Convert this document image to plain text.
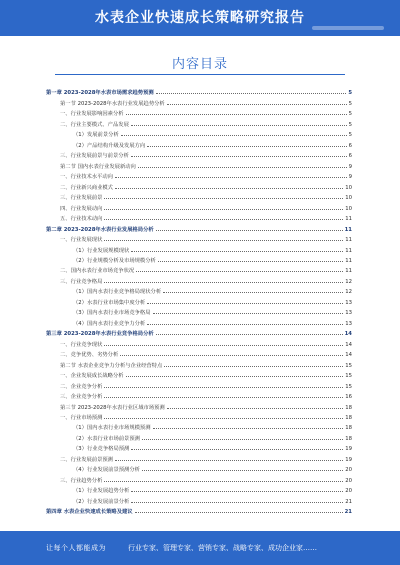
水表企业快速成长策略研究报告
内容目录
第一章 2023-2028年水表市场需求趋势预测	5
第一节 2023-2028年水表行业发展趋势分析	5
一、行业发展影响因素分析	5
二、行业主要模式、产品发展	5
（1）发展前景分析	5
（2）产品结构升级及发展方向	6
三、行业发展前景与前景分析	6
第二节 国内水表行业发展新动向	9
一、行业技术水平动向	9
二、行业新兴商业模式	10
三、行业发展前景	10
四、行业发展动向	10
五、行业技术动向	11
第二章 2023-2028年水表行业发展格局分析	11
一、行业发展现状	11
（1）行业发展规模现状	11
（2）行业规模分析及市场规模分析	11
二、国内水表行业市场竞争状况	11
三、行业竞争格局	12
（1）国内水表行业竞争格局现状分析	12
（2）水表行业市场集中度分析	13
（3）国内水表行业市场竞争格局	13
（4）国内水表行业竞争力分析	13
第三章 2023-2028年水表行业竞争格局分析	14
一、行业竞争现状	14
二、竞争优势、劣势分析	14
第二节 水表企业竞争力分析与企业经营特点	15
一、企业发展成长战略分析	15
二、企业竞争分析	15
三、企业竞争分析	16
第三节 2023-2028年水表行业区域市场预测	18
一、行业市场预测	18
（1）国内水表行业市场规模预测	18
（2）水表行业市场前景预测	18
（3）行业竞争格局预测	19
二、行业发展前景预测	19
（4）行业发展前景预测分析	20
三、行业趋势分析	20
（1）行业发展趋势分析	20
（2）行业发展前景分析	21
第四章 水表企业快速成长策略及建议	21
让每个人都能成为	行业专家、管理专家、营销专家、战略专家、成功企业家……
